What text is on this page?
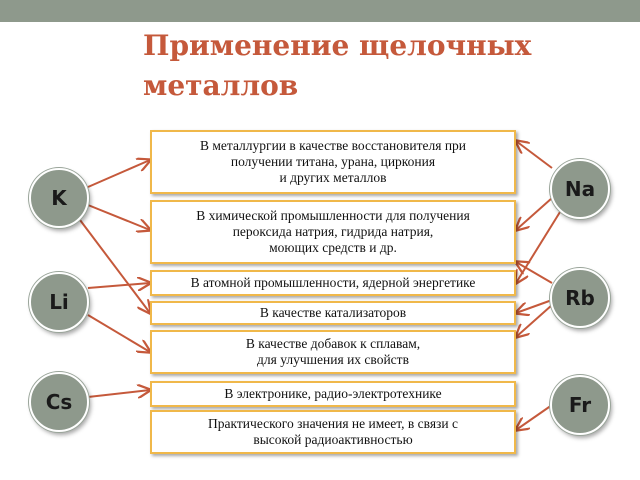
Применение щелочных металлов
В металлургии в качестве восстановителя при
получении титана, урана, циркония
и других металлов
В химической промышленности для получения
пероксида натрия, гидрида натрия,
моющих средств и др.
В атомной промышленности, ядерной энергетике
В качестве катализаторов
В качестве добавок к сплавам,
для улучшения их свойств
В электронике, радио-электротехнике
Практического значения не имеет, в связи с
высокой радиоактивностью
K
Li
Cs
Na
Rb
Fr
